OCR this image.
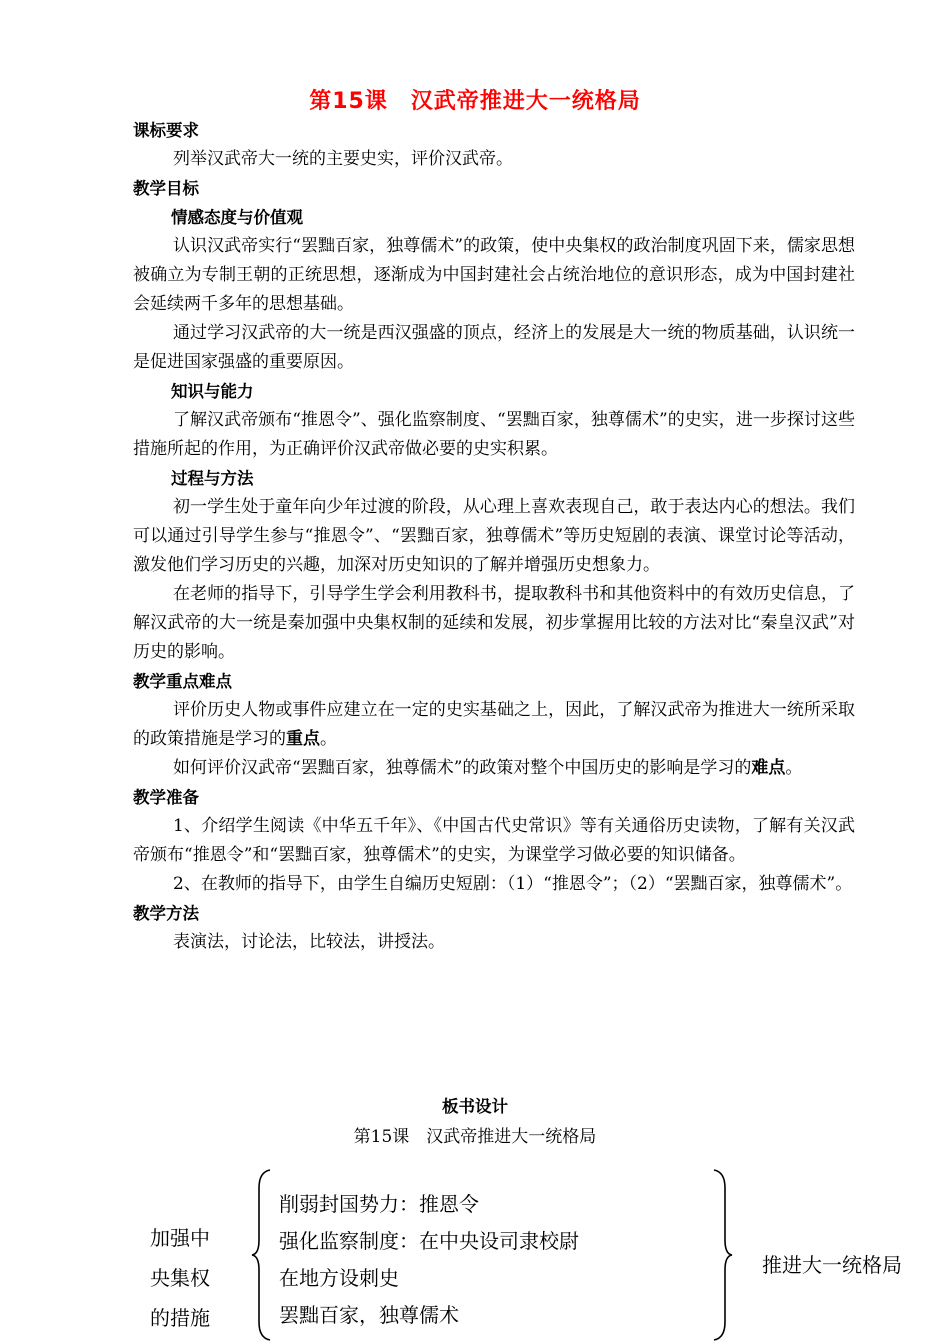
第15课　汉武帝推进大一统格局
课标要求
列举汉武帝大一统的主要史实，评价汉武帝。
教学目标
情感态度与价值观
认识汉武帝实行“罢黜百家，独尊儒术”的政策，使中央集权的政治制度巩固下来，儒家思想被确立为专制王朝的正统思想，逐渐成为中国封建社会占统治地位的意识形态，成为中国封建社会延续两千多年的思想基础。
通过学习汉武帝的大一统是西汉强盛的顶点，经济上的发展是大一统的物质基础，认识统一是促进国家强盛的重要原因。
知识与能力
了解汉武帝颁布“推恩令”、强化监察制度、“罢黜百家，独尊儒术”的史实，进一步探讨这些措施所起的作用，为正确评价汉武帝做必要的史实积累。
过程与方法
初一学生处于童年向少年过渡的阶段，从心理上喜欢表现自己，敢于表达内心的想法。我们可以通过引导学生参与“推恩令”、“罢黜百家，独尊儒术”等历史短剧的表演、课堂讨论等活动，激发他们学习历史的兴趣，加深对历史知识的了解并增强历史想象力。
在老师的指导下，引导学生学会利用教科书，提取教科书和其他资料中的有效历史信息，了解汉武帝的大一统是秦加强中央集权制的延续和发展，初步掌握用比较的方法对比“秦皇汉武”对历史的影响。
教学重点难点
评价历史人物或事件应建立在一定的史实基础之上，因此，了解汉武帝为推进大一统所采取的政策措施是学习的重点。
如何评价汉武帝“罢黜百家，独尊儒术”的政策对整个中国历史的影响是学习的难点。
教学准备
1、介绍学生阅读《中华五千年》、《中国古代史常识》等有关通俗历史读物，了解有关汉武帝颁布“推恩令”和“罢黜百家，独尊儒术”的史实，为课堂学习做必要的知识储备。
2、在教师的指导下，由学生自编历史短剧：（1）“推恩令”；（2）“罢黜百家，独尊儒术”。
教学方法
表演法，讨论法，比较法，讲授法。
板书设计
第15课　汉武帝推进大一统格局
加强中
央集权
的措施
削弱封国势力：推恩令
强化监察制度：在中央设司隶校尉
在地方设刺史
罢黜百家，独尊儒术
推进大一统格局
